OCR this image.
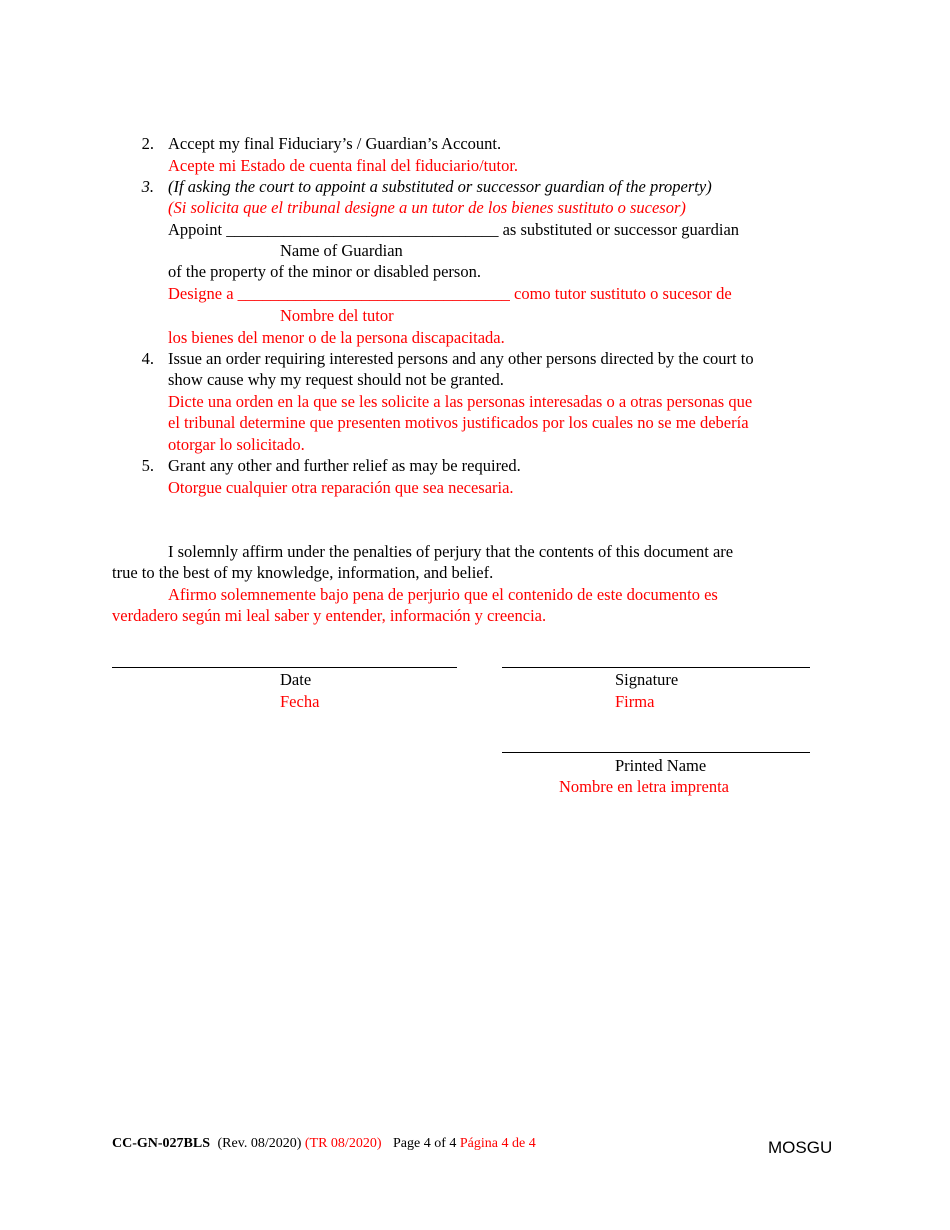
2. Accept my final Fiduciary’s / Guardian’s Account.
Acepte mi Estado de cuenta final del fiduciario/tutor.
3. (If asking the court to appoint a substituted or successor guardian of the property)
(Si solicita que el tribunal designe a un tutor de los bienes sustituto o sucesor)
Appoint _________________________________ as substituted or successor guardian
Name of Guardian
of the property of the minor or disabled person.
Designe a _________________________________ como tutor sustituto o sucesor de
Nombre del tutor
los bienes del menor o de la persona discapacitada.
4. Issue an order requiring interested persons and any other persons directed by the court to
show cause why my request should not be granted.
Dicte una orden en la que se les solicite a las personas interesadas o a otras personas que
el tribunal determine que presenten motivos justificados por los cuales no se me debería
otorgar lo solicitado.
5. Grant any other and further relief as may be required.
Otorgue cualquier otra reparación que sea necesaria.
I solemnly affirm under the penalties of perjury that the contents of this document are
true to the best of my knowledge, information, and belief.
Afirmo solemnemente bajo pena de perjurio que el contenido de este documento es
verdadero según mi leal saber y entender, información y creencia.
Date
Fecha
Signature
Firma
Printed Name
Nombre en letra imprenta
CC-GN-027BLS (Rev. 08/2020) (TR 08/2020) Page 4 of 4 Página 4 de 4	MOSGU
